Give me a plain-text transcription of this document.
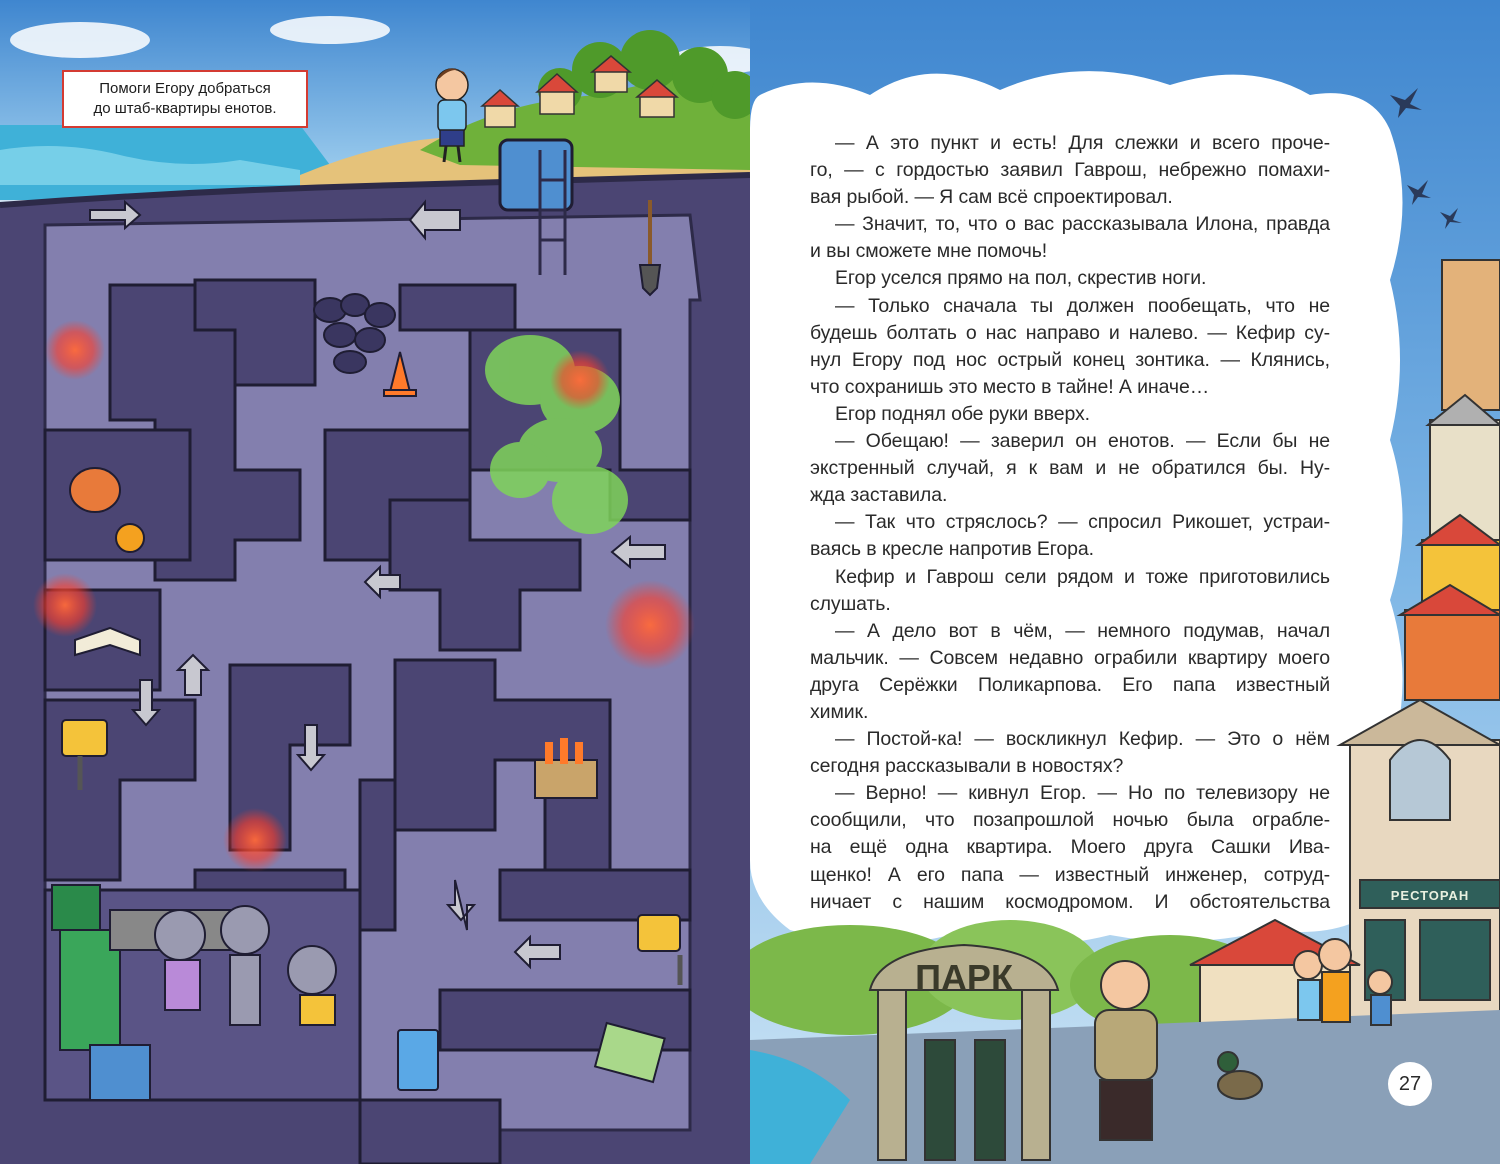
Помоги Егору добраться
до штаб-квартиры енотов.
ПАРК
— А это пункт и есть! Для слежки и всего проче-
го, — с гордостью заявил Гаврош, небрежно помахи-
вая рыбой. — Я сам всё спроектировал.
— Значит, то, что о вас рассказывала Илона, правда
и вы сможете мне помочь!
Егор уселся прямо на пол, скрестив ноги.
— Только сначала ты должен пообещать, что не
будешь болтать о нас направо и налево. — Кефир су-
нул Егору под нос острый конец зонтика. — Клянись,
что сохранишь это место в тайне! А иначе…
Егор поднял обе руки вверх.
— Обещаю! — заверил он енотов. — Если бы не
экстренный случай, я к вам и не обратился бы. Ну-
жда заставила.
— Так что стряслось? — спросил Рикошет, устраи-
ваясь в кресле напротив Егора.
Кефир и Гаврош сели рядом и тоже приготовились
слушать.
— А дело вот в чём, — немного подумав, начал
мальчик. — Совсем недавно ограбили квартиру моего
друга Серёжки Поликарпова. Его папа известный
химик.
— Постой-ка! — воскликнул Кефир. — Это о нём
сегодня рассказывали в новостях?
— Верно! — кивнул Егор. — Но по телевизору не
сообщили, что позапрошлой ночью была ограбле-
на ещё одна квартира. Моего друга Сашки Ива-
щенко! А его папа — известный инженер, сотруд-
ничает с нашим космодромом. И обстоятельства	РЕСТОРАН
27
